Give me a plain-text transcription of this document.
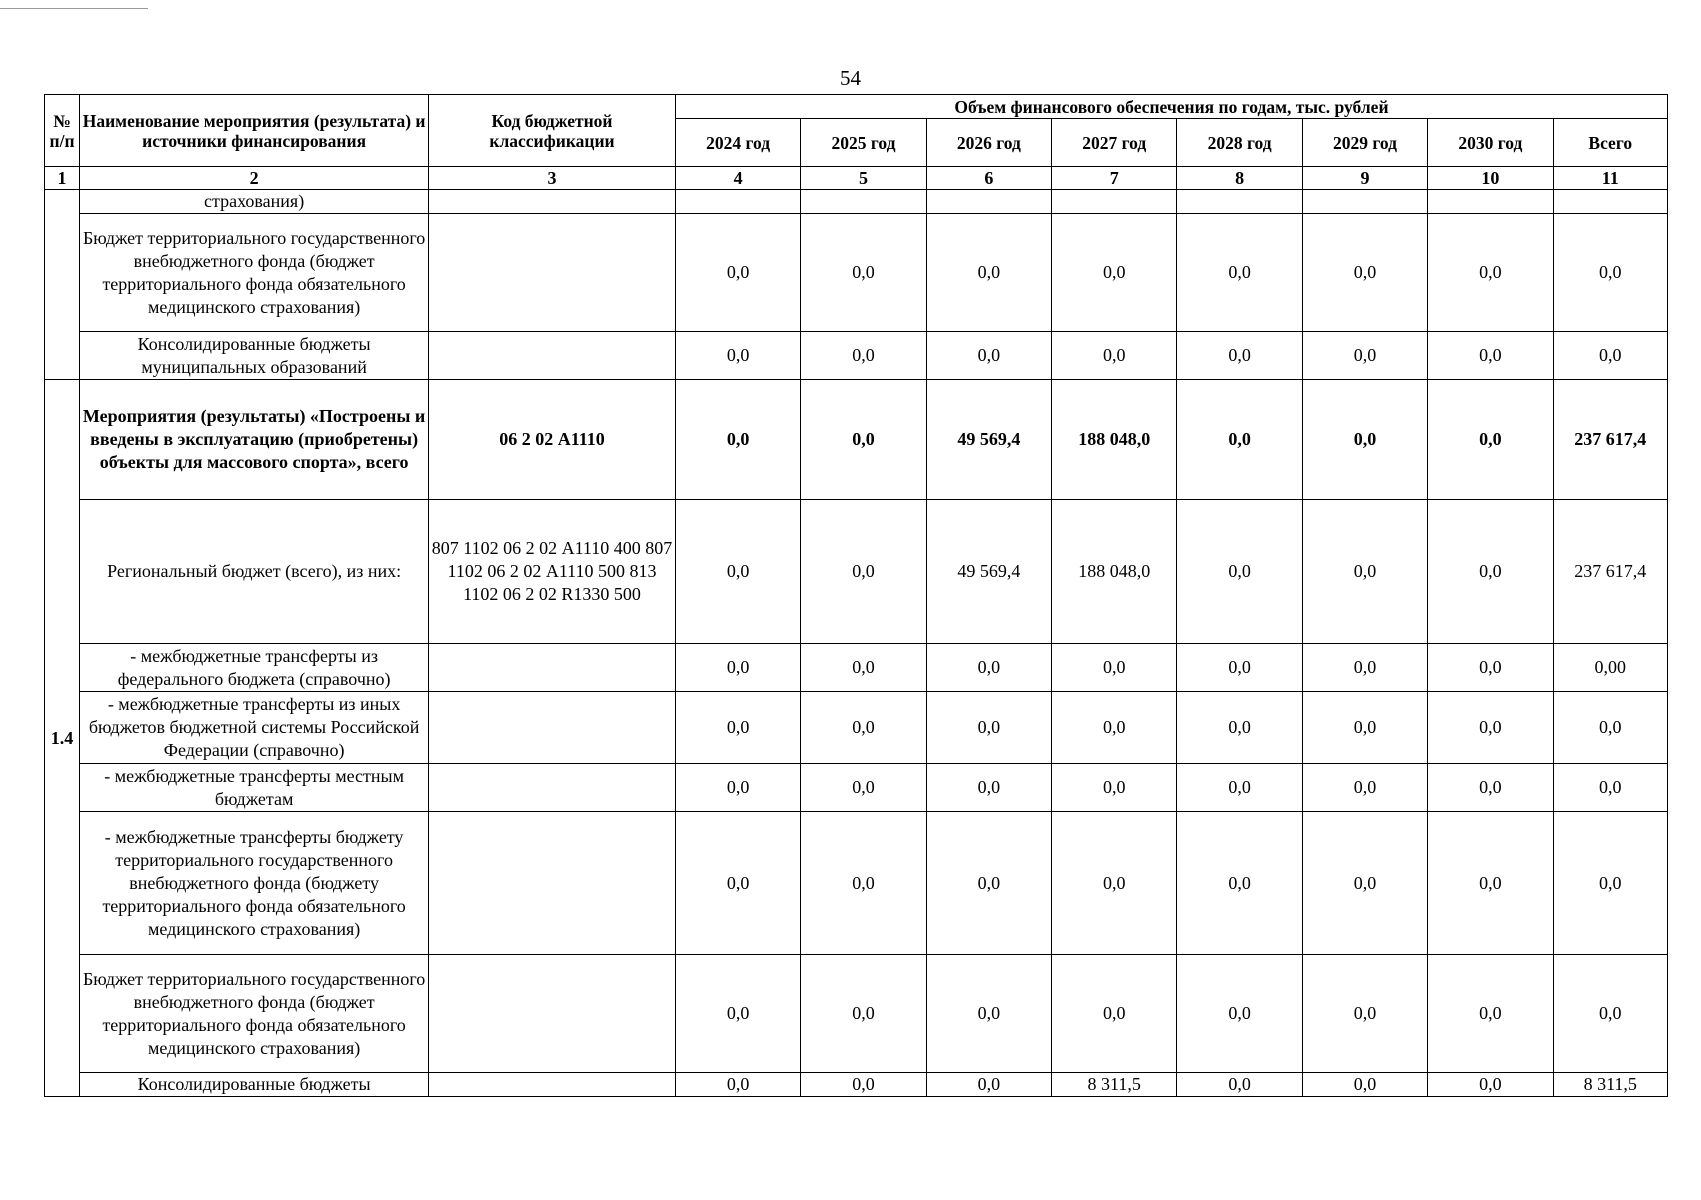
54
№ п/п	Наименование мероприятия (результата) и источники финансирования	Код бюджетной классификации	Объем финансового обеспечения по годам, тыс. рублей							
			2024 год	2025 год	2026 год	2027 год	2028 год	2029 год	2030 год	Всего
1	2	3	4	5	6	7	8	9	10	11
	страхования)									
	Бюджет территориального государственного внебюджетного фонда (бюджет территориального фонда обязательного медицинского страхования)		0,0	0,0	0,0	0,0	0,0	0,0	0,0	0,0
	Консолидированные бюджеты муниципальных образований		0,0	0,0	0,0	0,0	0,0	0,0	0,0	0,0
1.4	Мероприятия (результаты) «Построены и введены в эксплуатацию (приобретены) объекты для массового спорта», всего	06 2 02 А1110	0,0	0,0	49 569,4	188 048,0	0,0	0,0	0,0	237 617,4
	Региональный бюджет (всего), из них:	807 1102 06 2 02 А1110 400 807 1102 06 2 02 А1110 500 813 1102 06 2 02 R1330 500	0,0	0,0	49 569,4	188 048,0	0,0	0,0	0,0	237 617,4
	- межбюджетные трансферты из федерального бюджета (справочно)		0,0	0,0	0,0	0,0	0,0	0,0	0,0	0,00
	- межбюджетные трансферты из иных бюджетов бюджетной системы Российской Федерации (справочно)		0,0	0,0	0,0	0,0	0,0	0,0	0,0	0,0
	- межбюджетные трансферты местным бюджетам		0,0	0,0	0,0	0,0	0,0	0,0	0,0	0,0
	- межбюджетные трансферты бюджету территориального государственного внебюджетного фонда (бюджету территориального фонда обязательного медицинского страхования)		0,0	0,0	0,0	0,0	0,0	0,0	0,0	0,0
	Бюджет территориального государственного внебюджетного фонда (бюджет территориального фонда обязательного медицинского страхования)		0,0	0,0	0,0	0,0	0,0	0,0	0,0	0,0
	Консолидированные бюджеты		0,0	0,0	0,0	8 311,5	0,0	0,0	0,0	8 311,5
